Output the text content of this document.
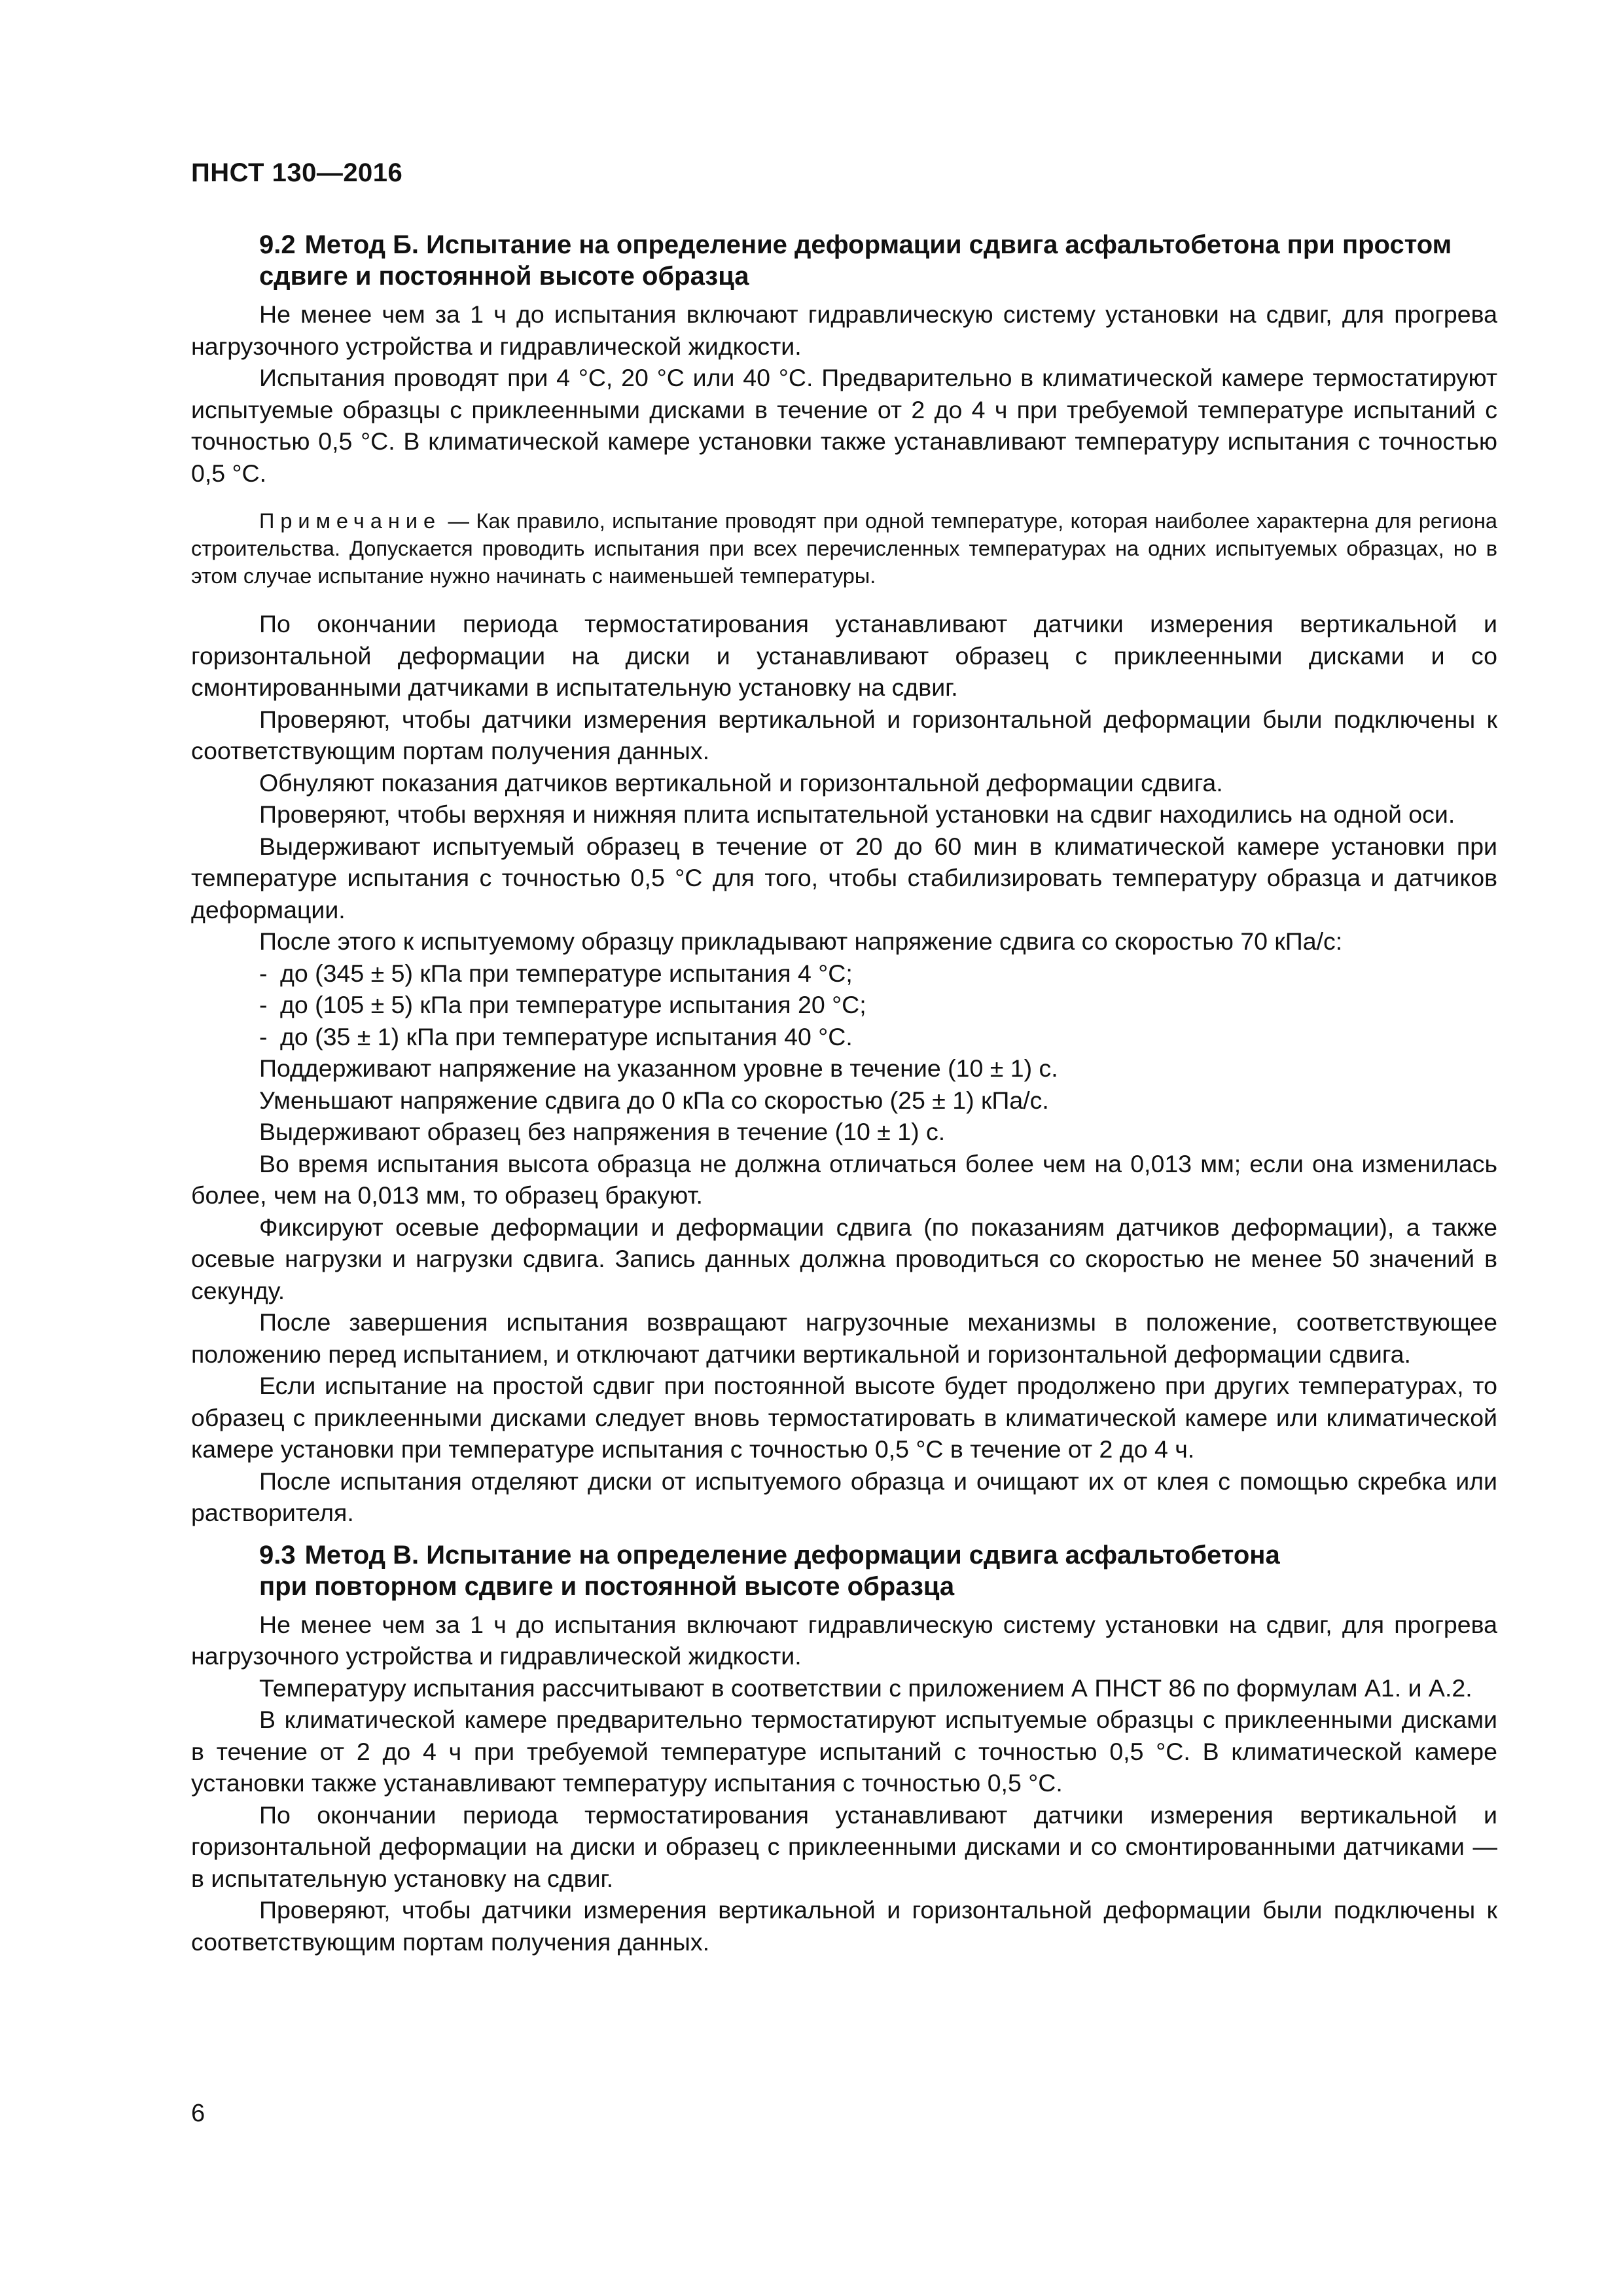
ПНСТ 130—2016
9.2 Метод Б. Испытание на определение деформации сдвига асфальтобетона при простом
сдвиге и постоянной высоте образца

Не менее чем за 1 ч до испытания включают гидравлическую систему установки на сдвиг, для прогрева нагрузочного устройства и гидравлической жидкости.

Испытания проводят при 4 °С, 20 °С или 40 °С. Предварительно в климатической камере термостатируют испытуемые образцы с приклеенными дисками в течение от 2 до 4 ч при требуемой температуре испытаний с точностью 0,5 °С. В климатической камере установки также устанавливают температуру испытания с точностью 0,5 °С.

Примечание — Как правило, испытание проводят при одной температуре, которая наиболее характерна для региона строительства. Допускается проводить испытания при всех перечисленных температурах на одних испытуемых образцах, но в этом случае испытание нужно начинать с наименьшей температуры.

По окончании периода термостатирования устанавливают датчики измерения вертикальной и горизонтальной деформации на диски и устанавливают образец с приклеенными дисками и со смонтированными датчиками в испытательную установку на сдвиг.

Проверяют, чтобы датчики измерения вертикальной и горизонтальной деформации были подключены к соответствующим портам получения данных.

Обнуляют показания датчиков вертикальной и горизонтальной деформации сдвига.

Проверяют, чтобы верхняя и нижняя плита испытательной установки на сдвиг находились на одной оси.

Выдерживают испытуемый образец в течение от 20 до 60 мин в климатической камере установки при температуре испытания с точностью 0,5 °С для того, чтобы стабилизировать температуру образца и датчиков деформации.

После этого к испытуемому образцу прикладывают напряжение сдвига со скоростью 70 кПа/с:

- до (345 ± 5) кПа при температуре испытания 4 °С;

- до (105 ± 5) кПа при температуре испытания 20 °С;

- до (35 ± 1) кПа при температуре испытания 40 °С.

Поддерживают напряжение на указанном уровне в течение (10 ± 1) с.

Уменьшают напряжение сдвига до 0 кПа со скоростью (25 ± 1) кПа/с.

Выдерживают образец без напряжения в течение (10 ± 1) с.

Во время испытания высота образца не должна отличаться более чем на 0,013 мм; если она изменилась более, чем на 0,013 мм, то образец бракуют.

Фиксируют осевые деформации и деформации сдвига (по показаниям датчиков деформации), а также осевые нагрузки и нагрузки сдвига. Запись данных должна проводиться со скоростью не менее 50 значений в секунду.

После завершения испытания возвращают нагрузочные механизмы в положение, соответствующее положению перед испытанием, и отключают датчики вертикальной и горизонтальной деформации сдвига.

Если испытание на простой сдвиг при постоянной высоте будет продолжено при других температурах, то образец с приклеенными дисками следует вновь термостатировать в климатической камере или климатической камере установки при температуре испытания с точностью 0,5 °С в течение от 2 до 4 ч.

После испытания отделяют диски от испытуемого образца и очищают их от клея с помощью скребка или растворителя.

9.3 Метод В. Испытание на определение деформации сдвига асфальтобетона
при повторном сдвиге и постоянной высоте образца

Не менее чем за 1 ч до испытания включают гидравлическую систему установки на сдвиг, для прогрева нагрузочного устройства и гидравлической жидкости.

Температуру испытания рассчитывают в соответствии с приложением А ПНСТ 86 по формулам А1. и А.2.

В климатической камере предварительно термостатируют испытуемые образцы с приклеенными дисками в течение от 2 до 4 ч при требуемой температуре испытаний с точностью 0,5 °С. В климатической камере установки также устанавливают температуру испытания с точностью 0,5 °С.

По окончании периода термостатирования устанавливают датчики измерения вертикальной и горизонтальной деформации на диски и образец с приклеенными дисками и со смонтированными датчиками — в испытательную установку на сдвиг.

Проверяют, чтобы датчики измерения вертикальной и горизонтальной деформации были подключены к соответствующим портам получения данных.

6
